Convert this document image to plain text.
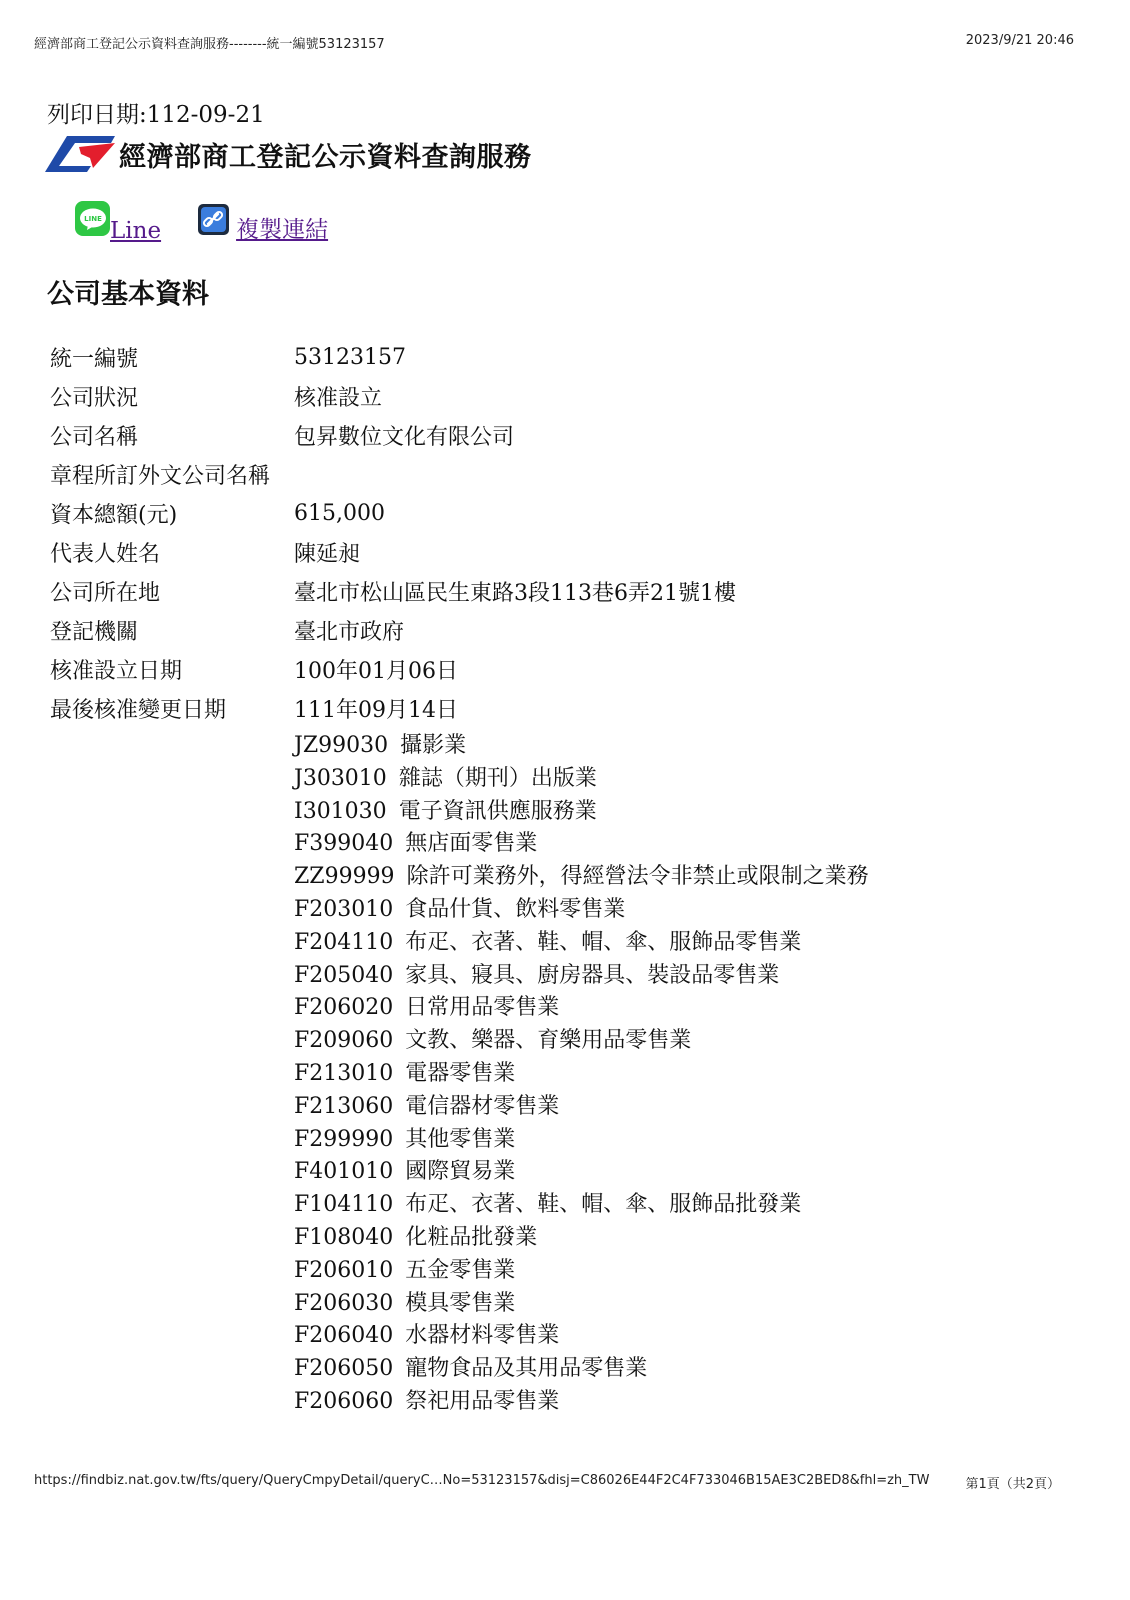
經濟部商工登記公示資料查詢服務--------統一編號53123157	2023/9/21 20:46
列印日期:112-09-21
經濟部商工登記公示資料查詢服務
LINE Line	複製連結
公司基本資料
統一編號	53123157
公司狀況	核准設立
公司名稱	包昇數位文化有限公司
章程所訂外文公司名稱	
資本總額(元)	615,000
代表人姓名	陳延昶
公司所在地	臺北市松山區民生東路3段113巷6弄21號1樓
登記機關	臺北市政府
核准設立日期	100年01月06日
最後核准變更日期	111年09月14日
JZ99030 攝影業
J303010 雜誌（期刊）出版業
I301030 電子資訊供應服務業
F399040 無店面零售業
ZZ99999 除許可業務外，得經營法令非禁止或限制之業務
F203010 食品什貨、飲料零售業
F204110 布疋、衣著、鞋、帽、傘、服飾品零售業
F205040 家具、寢具、廚房器具、裝設品零售業
F206020 日常用品零售業
F209060 文教、樂器、育樂用品零售業
F213010 電器零售業
F213060 電信器材零售業
F299990 其他零售業
F401010 國際貿易業
F104110 布疋、衣著、鞋、帽、傘、服飾品批發業
F108040 化粧品批發業
F206010 五金零售業
F206030 模具零售業
F206040 水器材料零售業
F206050 寵物食品及其用品零售業
F206060 祭祀用品零售業
https://findbiz.nat.gov.tw/fts/query/QueryCmpyDetail/queryC…No=53123157&disj=C86026E44F2C4F733046B15AE3C2BED8&fhl=zh_TW	第1頁（共2頁）
